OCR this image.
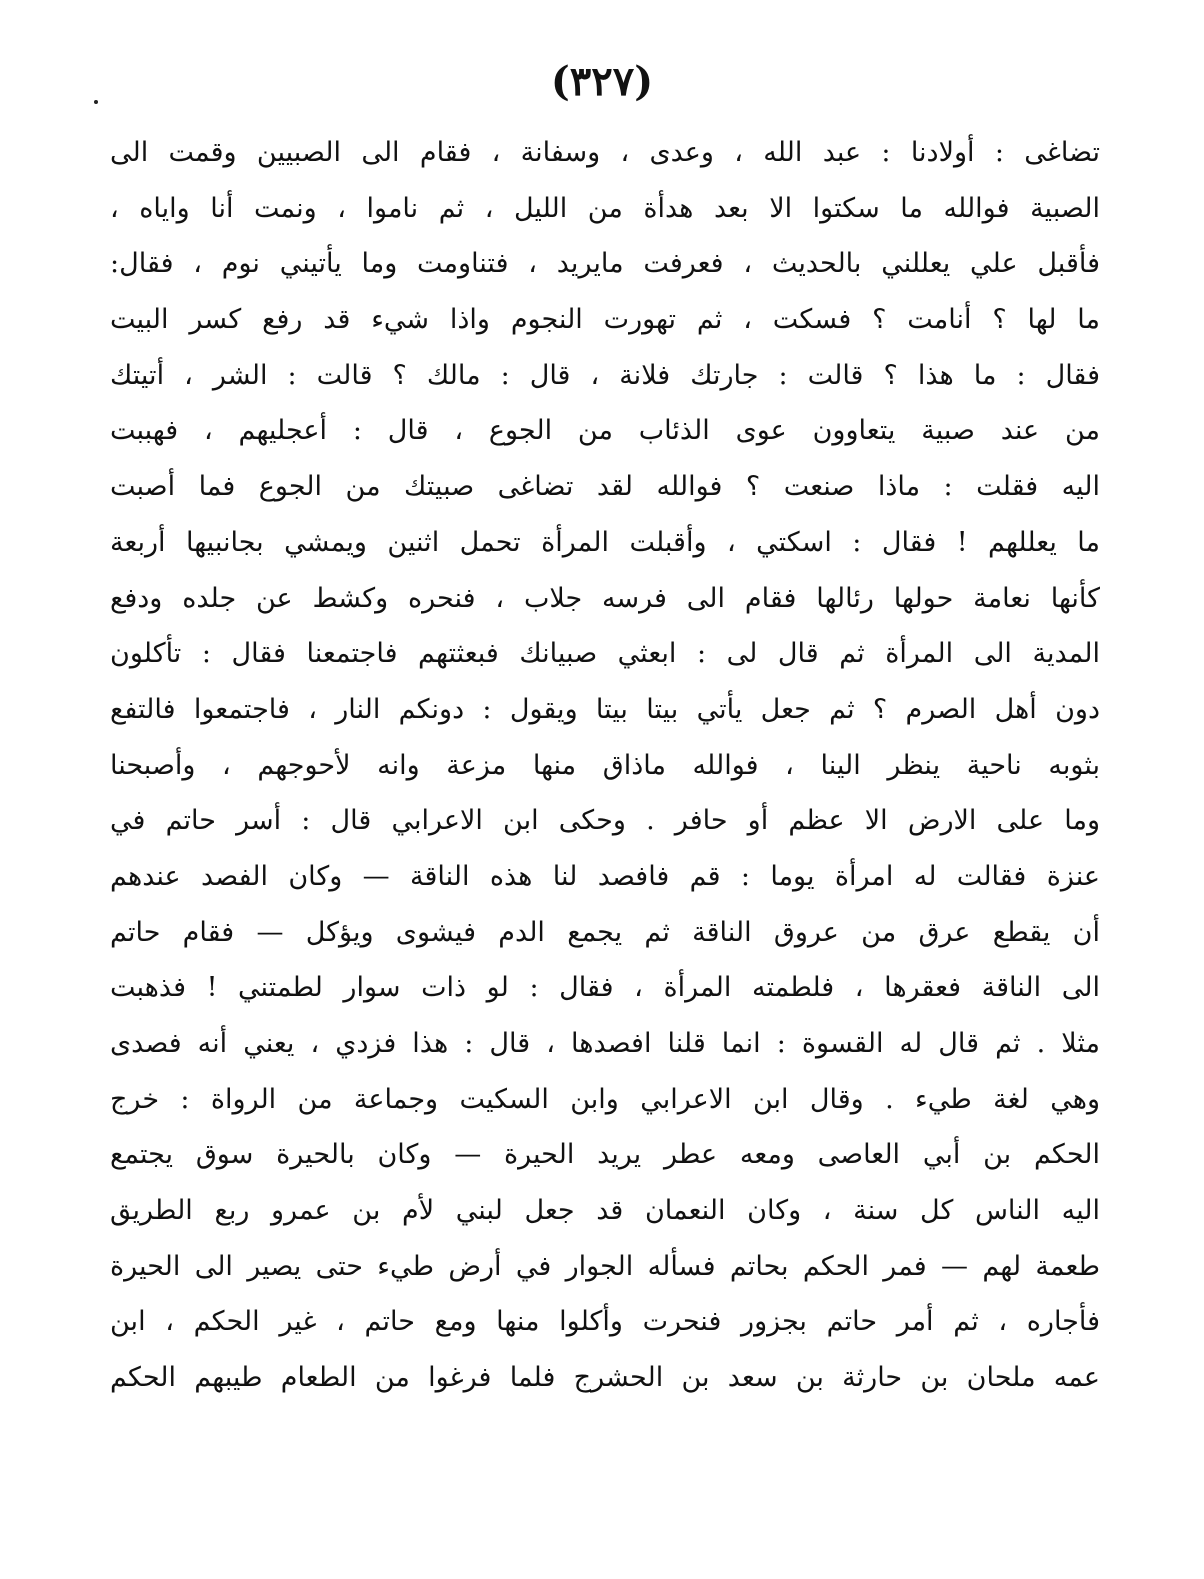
(٣٢٧)
تضاغى : أولادنا : عبد الله ، وعدى ، وسفانة ، فقام الى الصبيين وقمت الى
الصبية فوالله ما سكتوا الا بعد هدأة من الليل ، ثم ناموا ، ونمت أنا واياه ،
فأقبل علي يعللني بالحديث ، فعرفت مايريد ، فتناومت وما يأتيني نوم ، فقال:
ما لها ؟ أنامت ؟ فسكت ، ثم تهورت النجوم واذا شيء قد رفع كسر البيت
فقال : ما هذا ؟ قالت : جارتك فلانة ، قال : مالك ؟ قالت : الشر ، أتيتك
من عند صبية يتعاوون عوى الذئاب من الجوع ، قال : أعجليهم ، فهببت
اليه فقلت : ماذا صنعت ؟ فوالله لقد تضاغى صبيتك من الجوع فما أصبت
ما يعللهم ! فقال : اسكتي ، وأقبلت المرأة تحمل اثنين ويمشي بجانبيها أربعة
كأنها نعامة حولها رئالها فقام الى فرسه جلاب ، فنحره وكشط عن جلده ودفع
المدية الى المرأة ثم قال لى : ابعثي صبيانك فبعثتهم فاجتمعنا فقال : تأكلون
دون أهل الصرم ؟ ثم جعل يأتي بيتا بيتا ويقول : دونكم النار ، فاجتمعوا فالتفع
بثوبه ناحية ينظر الينا ، فوالله ماذاق منها مزعة وانه لأحوجهم ، وأصبحنا
وما على الارض الا عظم أو حافر . وحكى ابن الاعرابي قال : أسر حاتم في
عنزة فقالت له امرأة يوما : قم فافصد لنا هذه الناقة — وكان الفصد عندهم
أن يقطع عرق من عروق الناقة ثم يجمع الدم فيشوى ويؤكل — فقام حاتم
الى الناقة فعقرها ، فلطمته المرأة ، فقال : لو ذات سوار لطمتني ! فذهبت
مثلا . ثم قال له القسوة : انما قلنا افصدها ، قال : هذا فزدي ، يعني أنه فصدى
وهي لغة طيء . وقال ابن الاعرابي وابن السكيت وجماعة من الرواة : خرج
الحكم بن أبي العاصى ومعه عطر يريد الحيرة — وكان بالحيرة سوق يجتمع
اليه الناس كل سنة ، وكان النعمان قد جعل لبني لأم بن عمرو ربع الطريق
طعمة لهم — فمر الحكم بحاتم فسأله الجوار في أرض طيء حتى يصير الى الحيرة
فأجاره ، ثم أمر حاتم بجزور فنحرت وأكلوا منها ومع حاتم ، غير الحكم ، ابن
عمه ملحان بن حارثة بن سعد بن الحشرج فلما فرغوا من الطعام طيبهم الحكم
